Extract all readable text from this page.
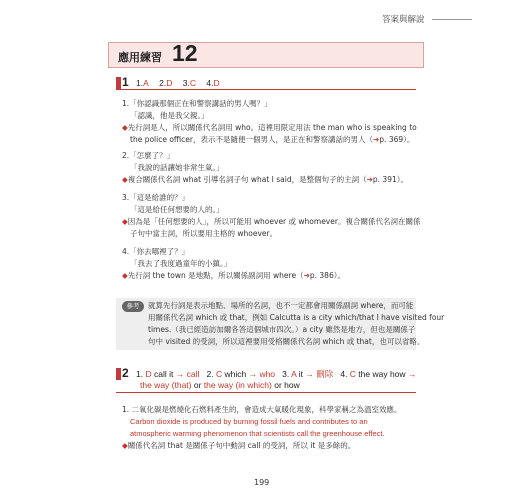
答案與解說
應用練習 12
1 1.A 2.D 3.C 4.D
1.「你認識那個正在和警察講話的男人嗎？」
「認識，他是我父親。」
◆先行詞是人，所以關係代名詞用 who。這裡用限定用法 the man who is speaking to
the police officer，表示不是隨便一個男人，是正在和警察講話的男人（➜p. 369）。
2.「怎麼了？」
「我說的話讓她非常生氣。」
◆複合關係代名詞 what 引導名詞子句 what I said，是整個句子的主詞（➜p. 391）。
3.「這是給誰的？」
「這是給任何想要的人的。」
◆因為是「任何想要的人」，所以可能用 whoever 或 whomever。複合關係代名詞在關係
子句中當主詞，所以要用主格的 whoever。
4.「你去哪裡了？」
「我去了我度過童年的小鎮。」
◆先行詞 the town 是地點，所以關係副詞用 where（➜p. 386）。
參考	就算先行詞是表示地點、場所的名詞，也不一定都會用關係副詞 where，而可能
用關係代名詞 which 或 that，例如 Calcutta is a city which/that I have visited four
times.（我已經造訪加爾各答這個城市四次。）a city 雖然是地方，但也是關係子
句中 visited 的受詞，所以這裡要用受格關係代名詞 which 或 that，也可以省略。
2 1. D call it → call 2. C which → who 3. A it → 刪除 4. C the way how →
the way (that) or the way (in which) or how
1. 二氧化碳是燃燒化石燃料產生的，會造成大氣暖化現象，科學家稱之為溫室效應。
Carbon dioxide is produced by burning fossil fuels and contributes to an
atmospheric warming phenomenon that scientists call the greenhouse effect.
◆關係代名詞 that 是關係子句中動詞 call 的受詞，所以 it 是多餘的。
199
